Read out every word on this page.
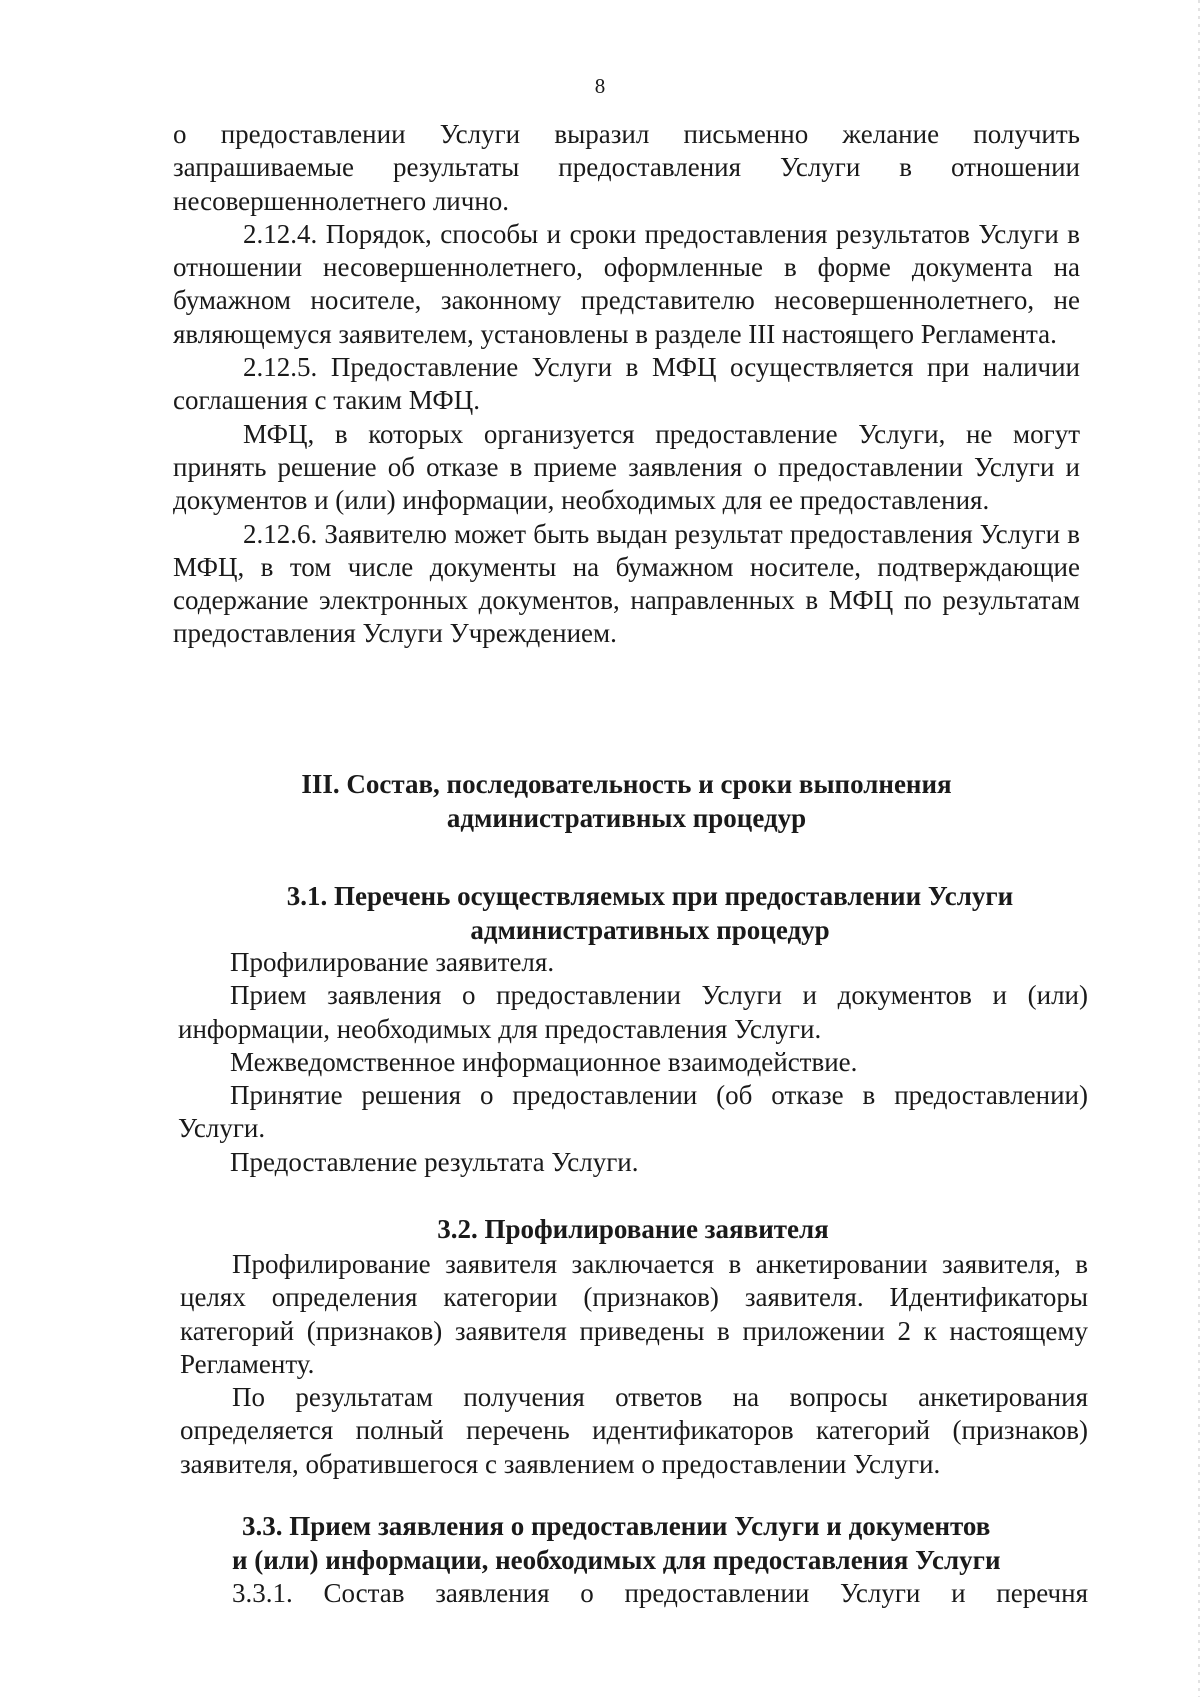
8

о предоставлении Услуги выразил письменно желание получить запрашиваемые результаты предоставления Услуги в отношении несовершеннолетнего лично.

2.12.4. Порядок, способы и сроки предоставления результатов Услуги в отношении несовершеннолетнего, оформленные в форме документа на бумажном носителе, законному представителю несовершеннолетнего, не являющемуся заявителем, установлены в разделе III настоящего Регламента.

2.12.5. Предоставление Услуги в МФЦ осуществляется при наличии соглашения с таким МФЦ.

МФЦ, в которых организуется предоставление Услуги, не могут принять решение об отказе в приеме заявления о предоставлении Услуги и документов и (или) информации, необходимых для ее предоставления.

2.12.6. Заявителю может быть выдан результат предоставления Услуги в МФЦ, в том числе документы на бумажном носителе, подтверждающие содержание электронных документов, направленных в МФЦ по результатам предоставления Услуги Учреждением.

III. Состав, последовательность и сроки выполнения
административных процедур
3.1. Перечень осуществляемых при предоставлении Услуги
административных процедур

Профилирование заявителя.

Прием заявления о предоставлении Услуги и документов и (или) информации, необходимых для предоставления Услуги.

Межведомственное информационное взаимодействие.

Принятие решения о предоставлении (об отказе в предоставлении) Услуги.

Предоставление результата Услуги.

3.2. Профилирование заявителя

Профилирование заявителя заключается в анкетировании заявителя, в целях определения категории (признаков) заявителя. Идентификаторы категорий (признаков) заявителя приведены в приложении 2 к настоящему Регламенту.

По результатам получения ответов на вопросы анкетирования определяется полный перечень идентификаторов категорий (признаков) заявителя, обратившегося с заявлением о предоставлении Услуги.

3.3. Прием заявления о предоставлении Услуги и документов
и (или) информации, необходимых для предоставления Услуги

3.3.1. Состав заявления о предоставлении Услуги и перечня
